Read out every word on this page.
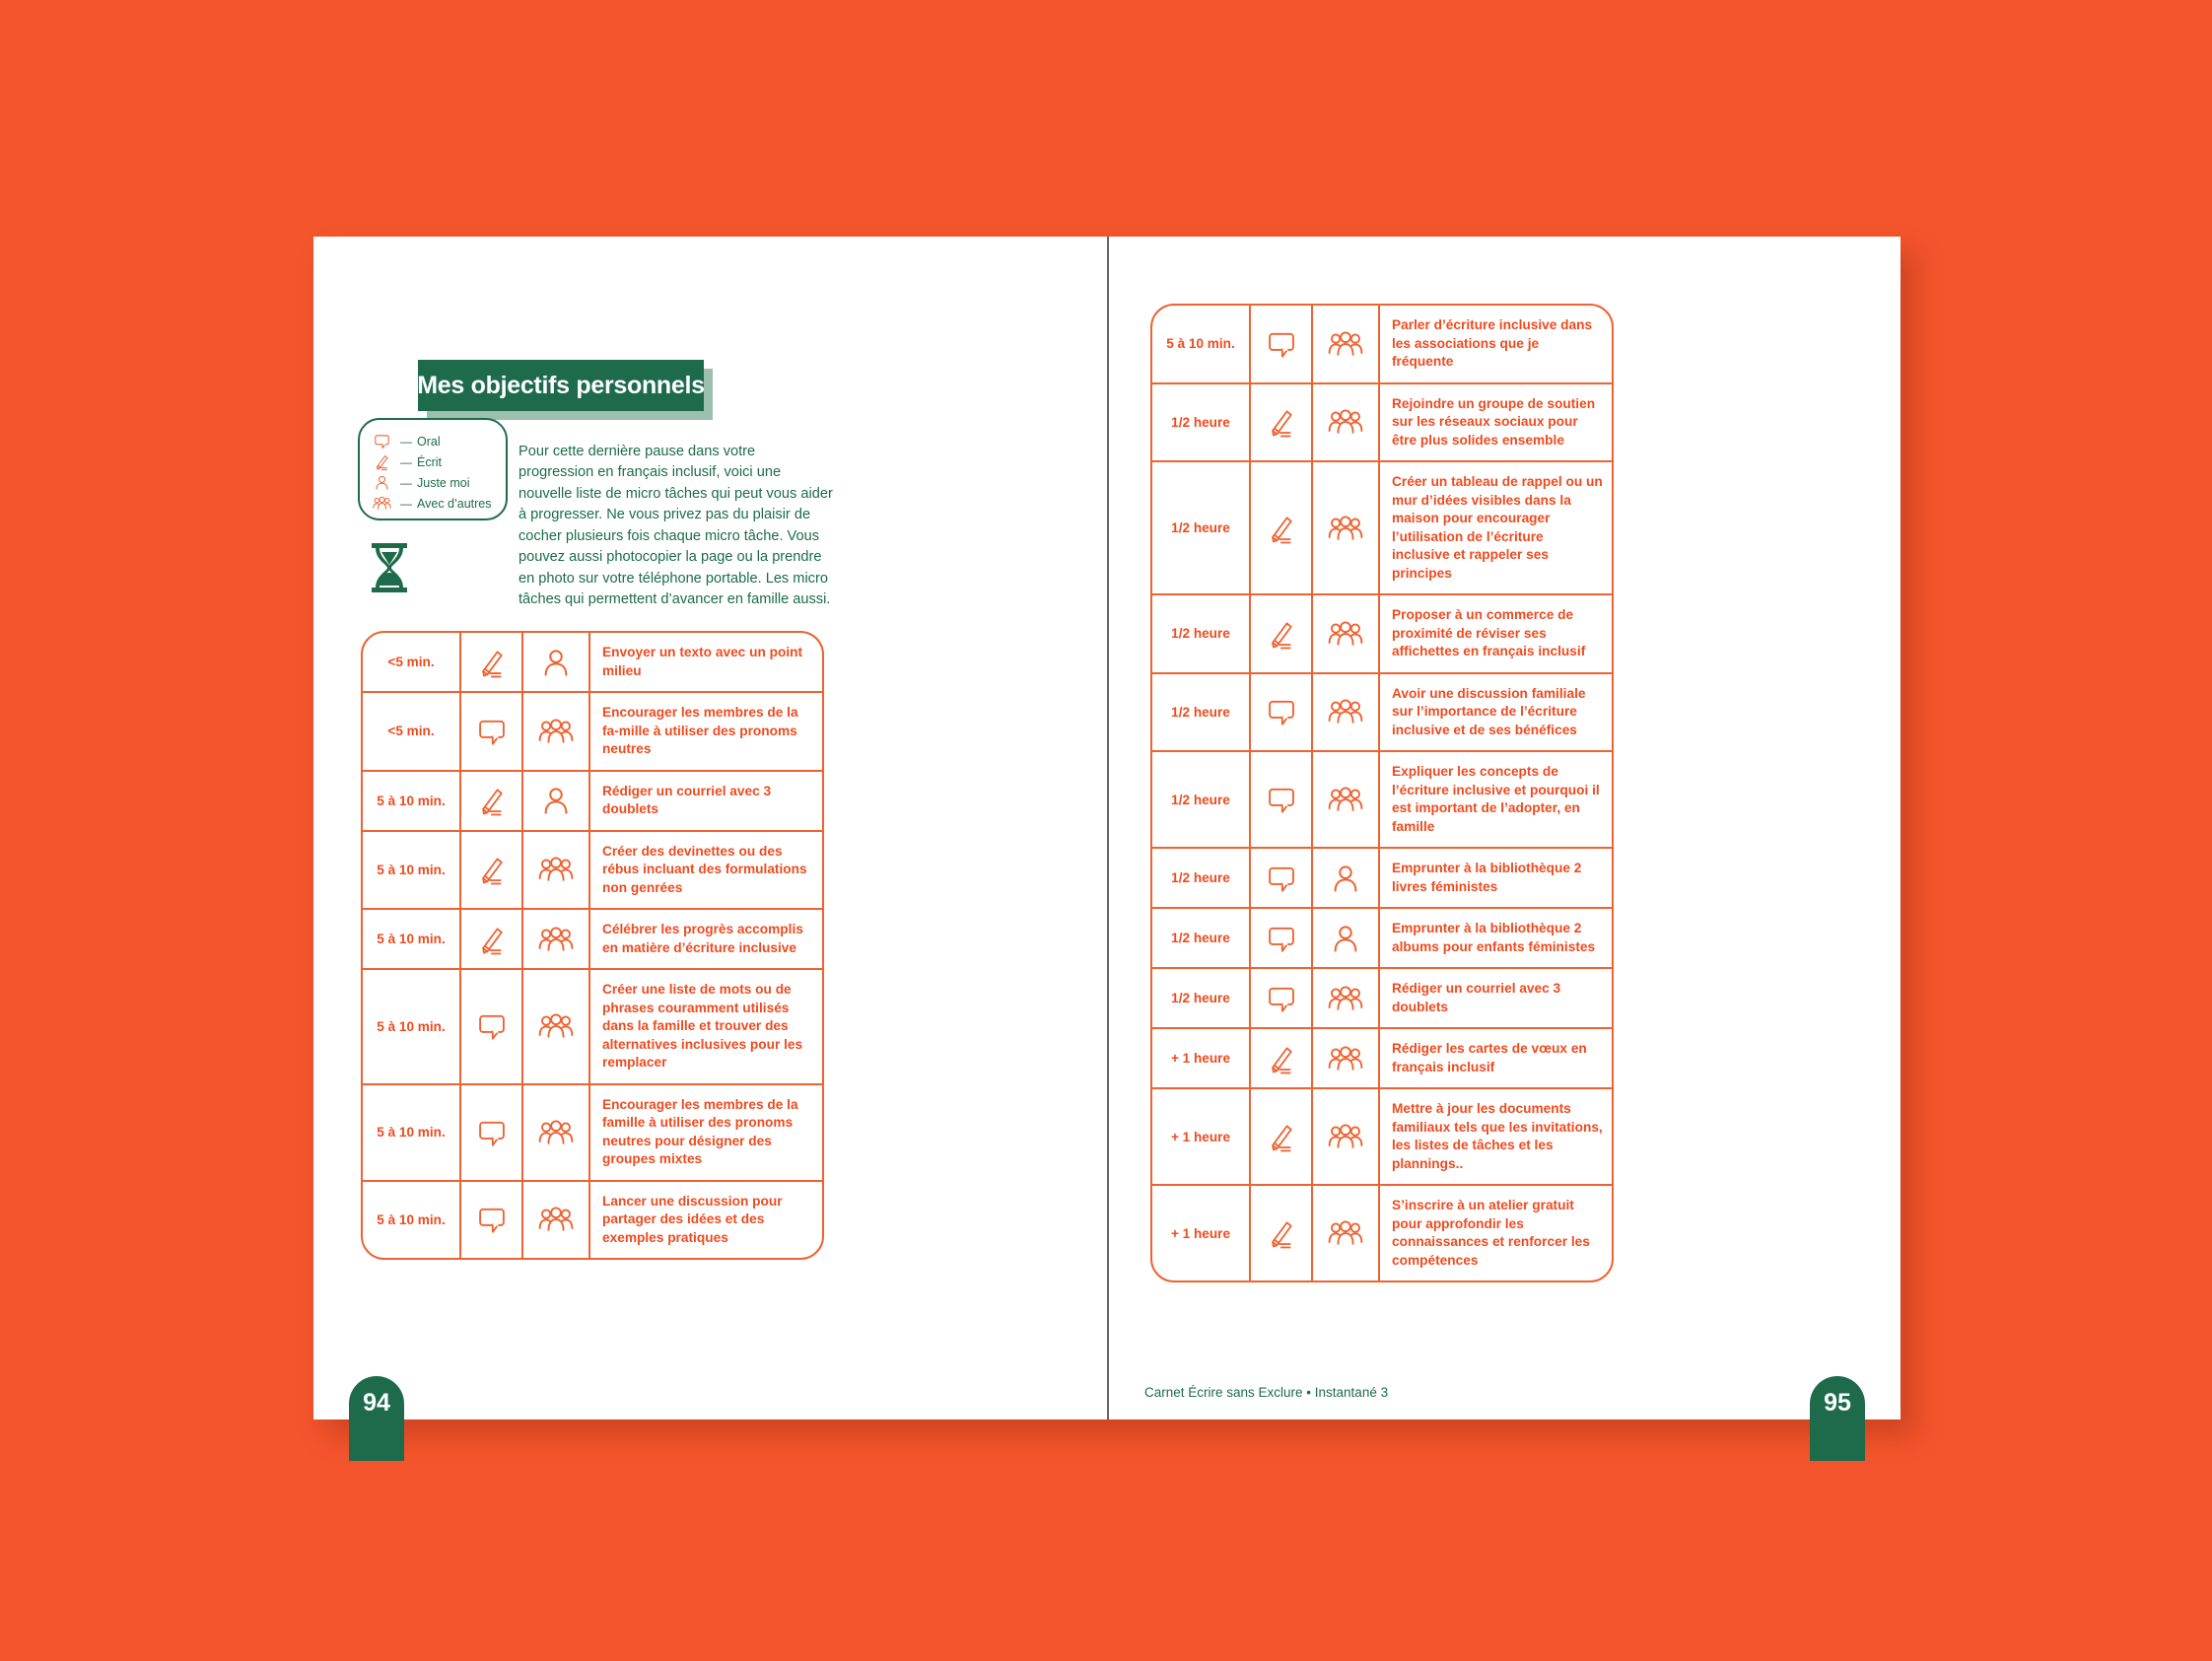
Mes objectifs personnels
— Oral
— Écrit
— Juste moi
— Avec d’autres

Pour cette dernière pause dans votre progression en français inclusif, voici une nouvelle liste de micro tâches qui peut vous aider à progresser. Ne vous privez pas du plaisir de cocher plusieurs fois chaque micro tâche. Vous pouvez aussi photocopier la page ou la prendre en photo sur votre téléphone portable. Les micro tâches qui permettent d’avancer en famille aussi.

<5 min.
Envoyer un texto avec un point milieu
<5 min.
Encourager les membres de la fa-mille à utiliser des pronoms neutres
5 à 10 min.
Rédiger un courriel avec 3 doublets
5 à 10 min.
Créer des devinettes ou des rébus incluant des formulations non genrées
5 à 10 min.
Célébrer les progrès accomplis en matière d’écriture inclusive
5 à 10 min.
Créer une liste de mots ou de phrases couramment utilisés dans la famille et trouver des alternatives inclusives pour les remplacer
5 à 10 min.
Encourager les membres de la famille à utiliser des pronoms neutres pour désigner des groupes mixtes
5 à 10 min.
Lancer une discussion pour partager des idées et des exemples pratiques
94
5 à 10 min.
Parler d’écriture inclusive dans les associations que je fréquente
1/2 heure
Rejoindre un groupe de soutien sur les réseaux sociaux pour être plus solides ensemble
1/2 heure
Créer un tableau de rappel ou un mur d’idées visibles dans la maison pour encourager l’utilisation de l’écriture inclusive et rappeler ses principes
1/2 heure
Proposer à un commerce de proximité de réviser ses affichettes en français inclusif
1/2 heure
Avoir une discussion familiale sur l’importance de l’écriture inclusive et de ses bénéfices
1/2 heure
Expliquer les concepts de l’écriture inclusive et pourquoi il est important de l’adopter, en famille
1/2 heure
Emprunter à la bibliothèque 2 livres féministes
1/2 heure
Emprunter à la bibliothèque 2 albums pour enfants féministes
1/2 heure
Rédiger un courriel avec 3 doublets
+ 1 heure
Rédiger les cartes de vœux en français inclusif
+ 1 heure
Mettre à jour les documents familiaux tels que les invitations, les listes de tâches et les plannings..
+ 1 heure
S’inscrire à un atelier gratuit pour approfondir les connaissances et renforcer les compétences
Carnet Écrire sans Exclure • Instantané 3	95
